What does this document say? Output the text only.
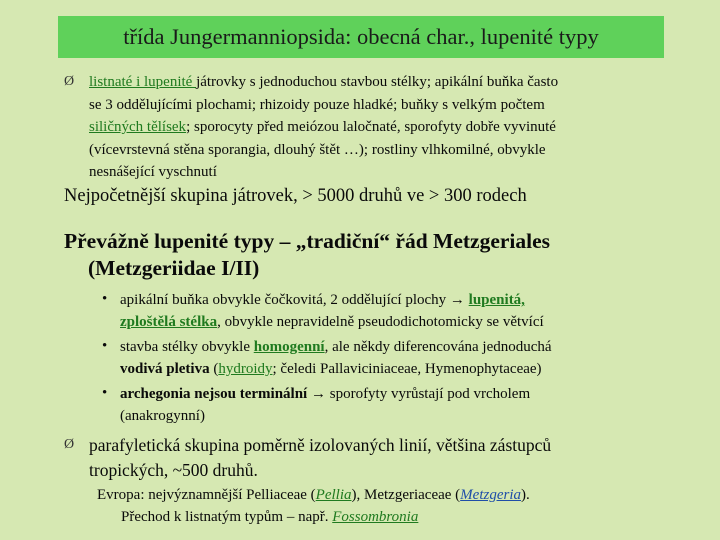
třída Jungermanniopsida: obecná char., lupenité typy
Ø listnaté i lupenité játrovky s jednoduchou stavbou stélky; apikální buňka často
se 3 oddělujícími plochami; rhizoidy pouze hladké; buňky s velkým počtem
siličných tělísek; sporocyty před meiózou laločnaté, sporofyty dobře vyvinuté
(vícevrstevná stěna sporangia, dlouhý štět …); rostliny vlhkomilné, obvykle
nesnášející vyschnutí
Nejpočetnější skupina játrovek, > 5000 druhů ve > 300 rodech
Převážně lupenité typy – „tradiční“ řád Metzgeriales
(Metzgeriidae I/II)
• apikální buňka obvykle čočkovitá, 2 oddělující plochy → lupenitá,
zploštělá stélka, obvykle nepravidelně pseudodichotomicky se větvící
• stavba stélky obvykle homogenní, ale někdy diferencována jednoduchá
vodivá pletiva (hydroidy; čeledi Pallaviciniaceae, Hymenophytaceae)
• archegonia nejsou terminální → sporofyty vyrůstají pod vrcholem
(anakrogynní)
Ø parafyletická skupina poměrně izolovaných linií, většina zástupců
tropických, ~500 druhů.
Evropa: nejvýznamnější Pelliaceae (Pellia), Metzgeriaceae (Metzgeria).
Přechod k listnatým typům – např. Fossombronia
